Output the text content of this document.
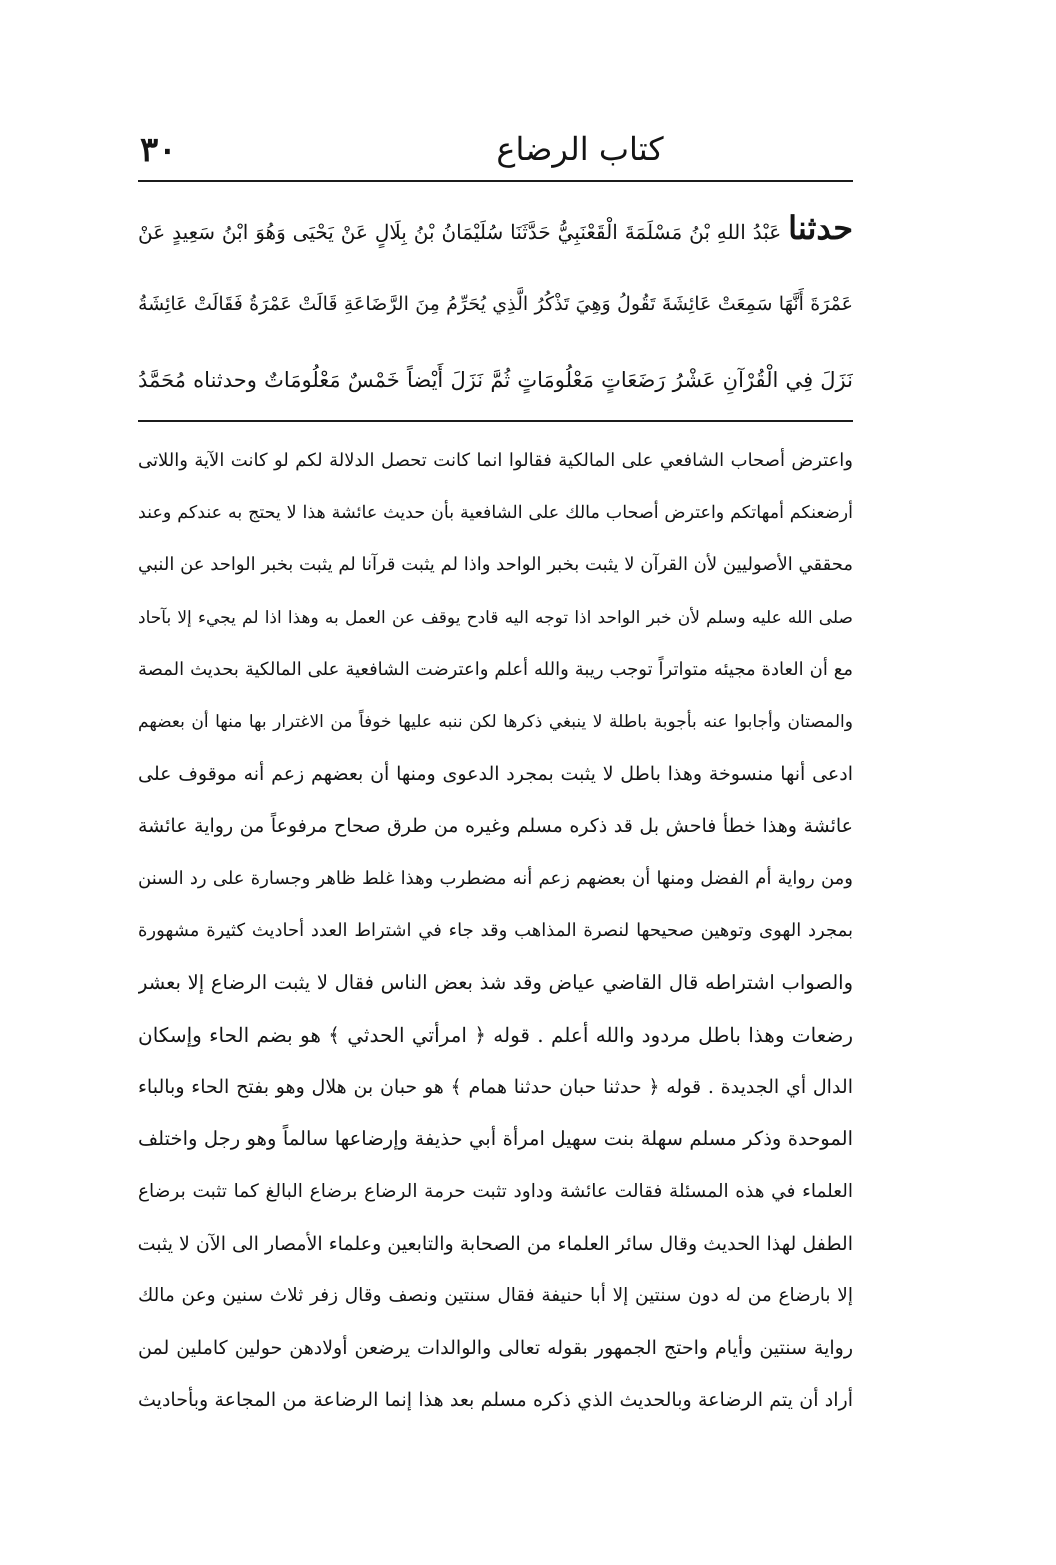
٣٠	كتاب الرضاع
حدثنا عَبْدُ اللهِ بْنُ مَسْلَمَةَ الْقَعْنَبِيُّ حَدَّثَنَا سُلَيْمَانُ بْنُ بِلَالٍ عَنْ يَحْيَى وَهُوَ ابْنُ سَعِيدٍ عَنْ
عَمْرَةَ أَنَّهَا سَمِعَتْ عَائِشَةَ تَقُولُ وَهِيَ تَذْكُرُ الَّذِي يُحَرِّمُ مِنَ الرَّضَاعَةِ قَالَتْ عَمْرَةُ فَقَالَتْ عَائِشَةُ
نَزَلَ فِي الْقُرْآنِ عَشْرُ رَضَعَاتٍ مَعْلُومَاتٍ ثُمَّ نَزَلَ أَيْضاً خَمْسٌ مَعْلُومَاتٌ وحدثناه مُحَمَّدُ
واعترض أصحاب الشافعي على المالكية فقالوا انما كانت تحصل الدلالة لكم لو كانت الآية واللاتى
أرضعنكم أمهاتكم واعترض أصحاب مالك على الشافعية بأن حديث عائشة هذا لا يحتج به عندكم وعند
محققي الأصوليين لأن القرآن لا يثبت بخبر الواحد واذا لم يثبت قرآنا لم يثبت بخبر الواحد عن النبي
صلى الله عليه وسلم لأن خبر الواحد اذا توجه اليه قادح يوقف عن العمل به وهذا اذا لم يجيء إلا بآحاد
مع أن العادة مجيئه متواتراً توجب ريبة والله أعلم واعترضت الشافعية على المالكية بحديث المصة
والمصتان وأجابوا عنه بأجوبة باطلة لا ينبغي ذكرها لكن ننبه عليها خوفاً من الاغترار بها منها أن بعضهم
ادعى أنها منسوخة وهذا باطل لا يثبت بمجرد الدعوى ومنها أن بعضهم زعم أنه موقوف على
عائشة وهذا خطأ فاحش بل قد ذكره مسلم وغيره من طرق صحاح مرفوعاً من رواية عائشة
ومن رواية أم الفضل ومنها أن بعضهم زعم أنه مضطرب وهذا غلط ظاهر وجسارة على رد السنن
بمجرد الهوى وتوهين صحيحها لنصرة المذاهب وقد جاء في اشتراط العدد أحاديث كثيرة مشهورة
والصواب اشتراطه قال القاضي عياض وقد شذ بعض الناس فقال لا يثبت الرضاع إلا بعشر
رضعات وهذا باطل مردود والله أعلم . قوله ﴿ امرأتي الحدثي ﴾ هو بضم الحاء وإسكان
الدال أي الجديدة . قوله ﴿ حدثنا حبان حدثنا همام ﴾ هو حبان بن هلال وهو بفتح الحاء وبالباء
الموحدة وذكر مسلم سهلة بنت سهيل امرأة أبي حذيفة وإرضاعها سالماً وهو رجل واختلف
العلماء في هذه المسئلة فقالت عائشة وداود تثبت حرمة الرضاع برضاع البالغ كما تثبت برضاع
الطفل لهذا الحديث وقال سائر العلماء من الصحابة والتابعين وعلماء الأمصار الى الآن لا يثبت
إلا بارضاع من له دون سنتين إلا أبا حنيفة فقال سنتين ونصف وقال زفر ثلاث سنين وعن مالك
رواية سنتين وأيام واحتج الجمهور بقوله تعالى والوالدات يرضعن أولادهن حولين كاملين لمن
أراد أن يتم الرضاعة وبالحديث الذي ذكره مسلم بعد هذا إنما الرضاعة من المجاعة وبأحاديث
